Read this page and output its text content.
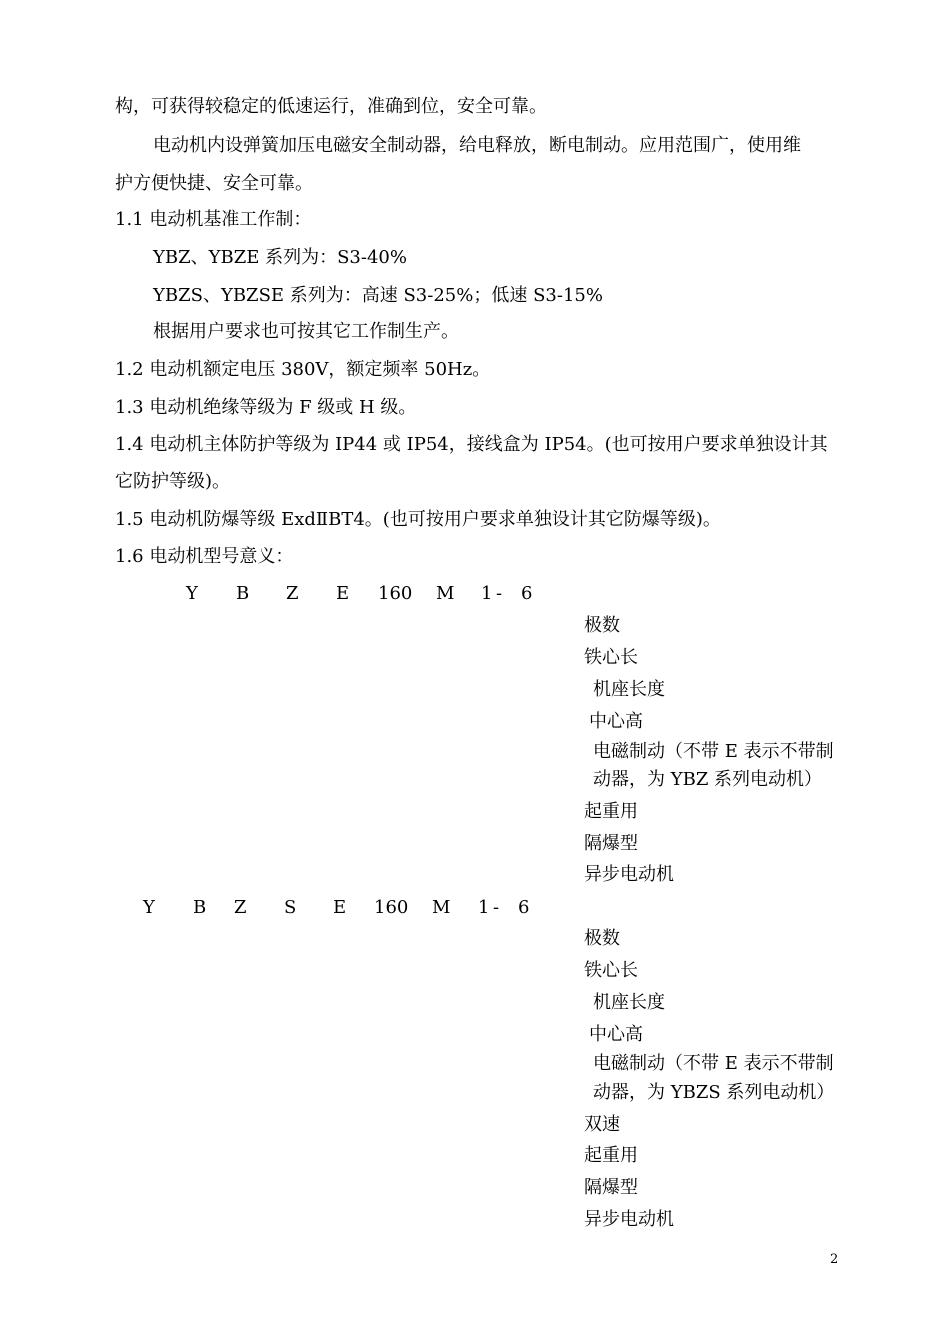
构，可获得较稳定的低速运行，准确到位，安全可靠。
电动机内设弹簧加压电磁安全制动器，给电释放，断电制动。应用范围广，使用维
护方便快捷、安全可靠。
1.1 电动机基准工作制：
YBZ、YBZE 系列为：S3-40%
YBZS、YBZSE 系列为：高速 S3-25%；低速 S3-15%
根据用户要求也可按其它工作制生产。
1.2 电动机额定电压 380V，额定频率 50Hz。
1.3 电动机绝缘等级为 F 级或 H 级。
1.4 电动机主体防护等级为 IP44 或 IP54，接线盒为 IP54。(也可按用户要求单独设计其
它防护等级)。
1.5 电动机防爆等级 ExdⅡBT4。(也可按用户要求单独设计其它防爆等级)。
1.6 电动机型号意义：
Y B Z E 160 M 1 - 6
极数
铁心长
机座长度
中心高
电磁制动（不带 E 表示不带制
动器，为 YBZ 系列电动机）
起重用
隔爆型
异步电动机
Y B Z S E 160 M 1 - 6
极数
铁心长
机座长度
中心高
电磁制动（不带 E 表示不带制
动器，为 YBZS 系列电动机）
双速
起重用
隔爆型
异步电动机
2
